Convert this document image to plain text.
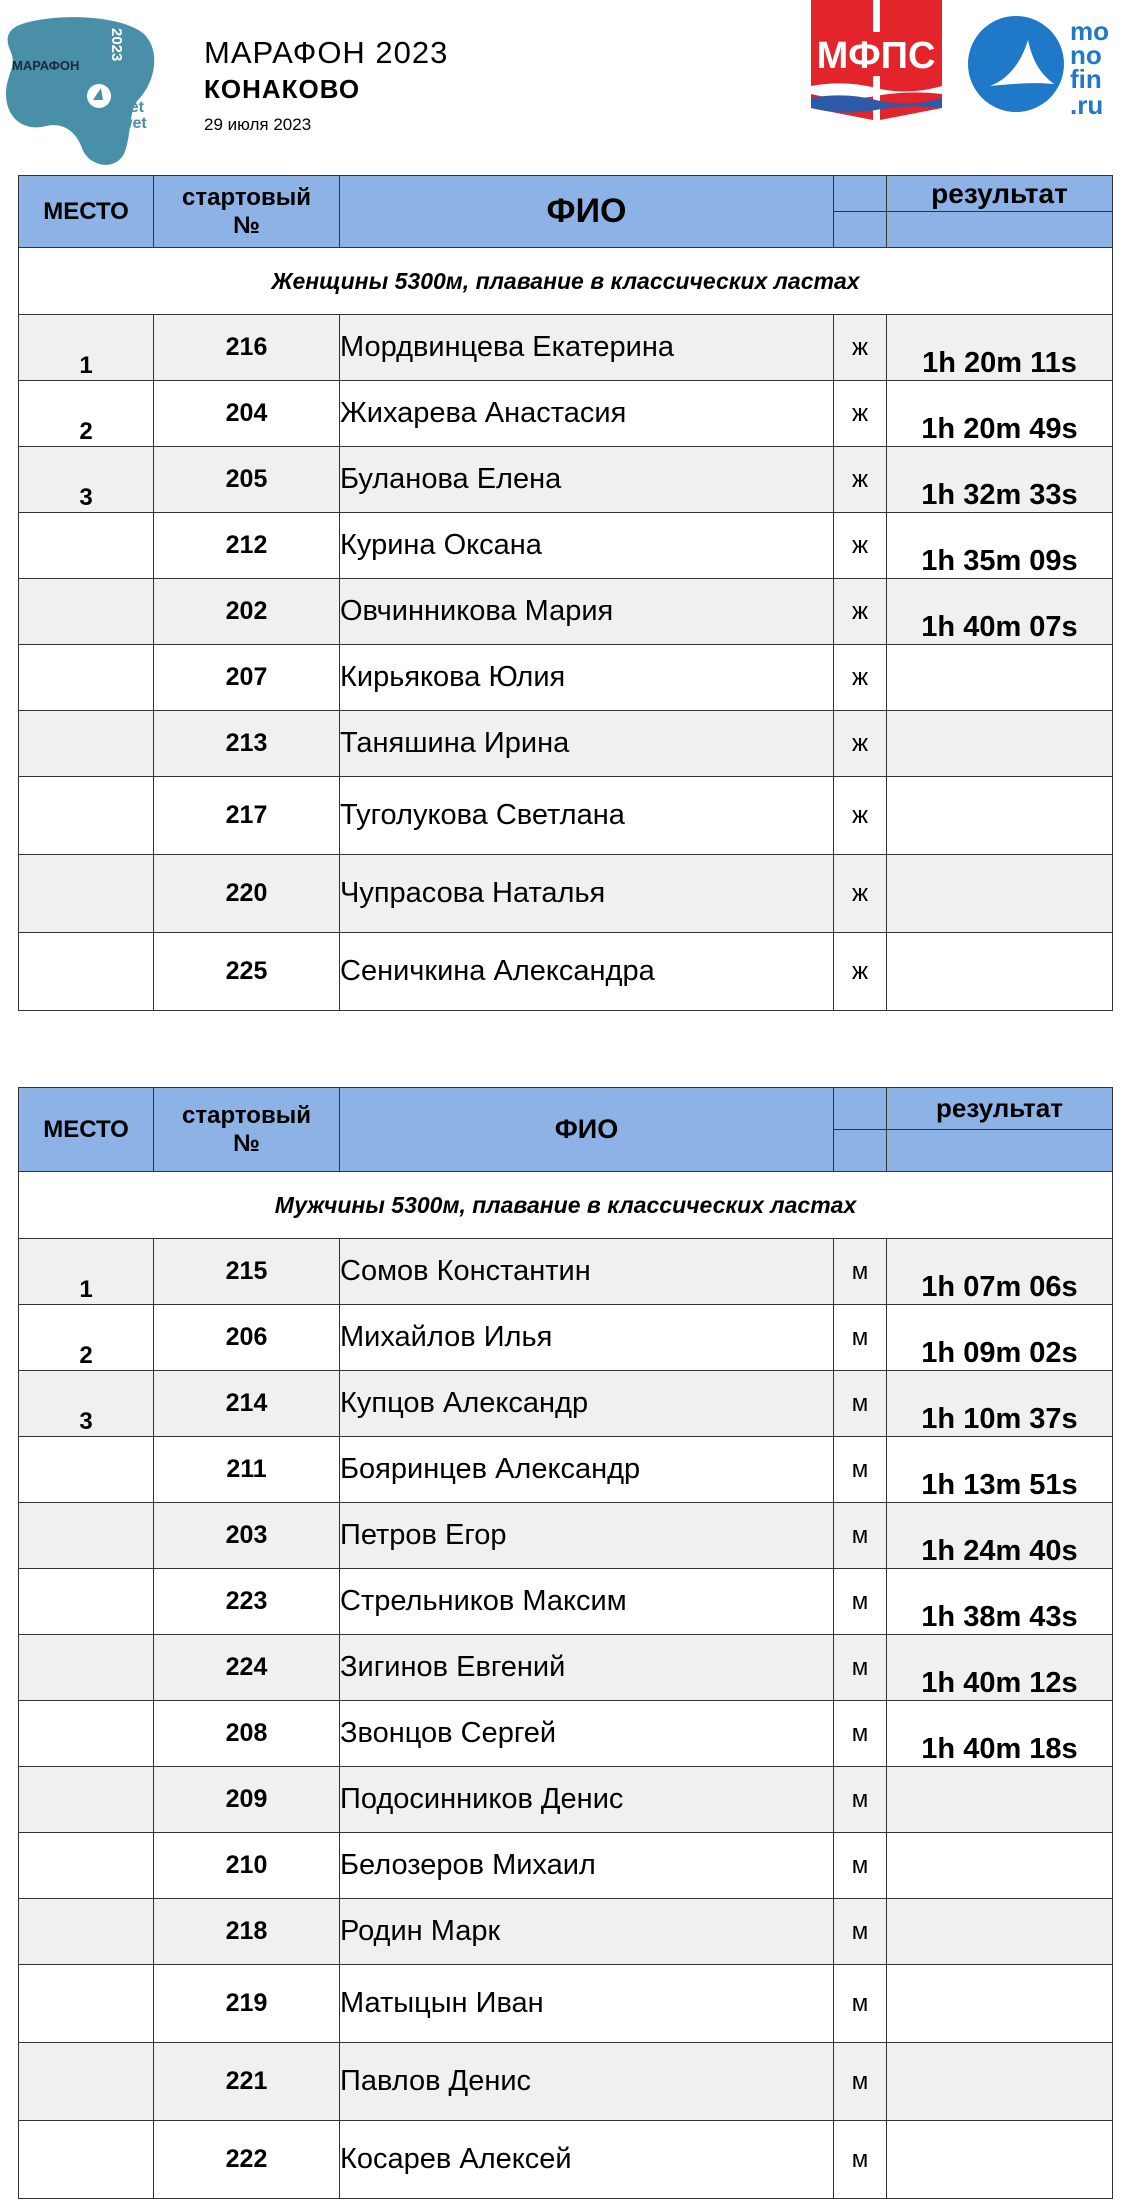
МАРАФОН
2023
get
wet
МАРАФОН 2023
КОНАКОВО
29 июля 2023
МФПС
mo
no
fin
.ru
МЕСТО	стартовый
№	ФИО		результат

Женщины 5300м, плавание в классических ластах				
1	216	Мордвинцева Екатерина	ж	1h 20m 11s
2	204	Жихарева Анастасия	ж	1h 20m 49s
3	205	Буланова Елена	ж	1h 32m 33s
	212	Курина Оксана	ж	1h 35m 09s
	202	Овчинникова Мария	ж	1h 40m 07s
	207	Кирьякова Юлия	ж	
	213	Таняшина Ирина	ж	
	217	Туголукова Светлана	ж	
	220	Чупрасова Наталья	ж	
	225	Сеничкина Александра	ж	
МЕСТО	стартовый
№	ФИО		результат

Мужчины 5300м, плавание в классических ластах				
1	215	Сомов Константин	м	1h 07m 06s
2	206	Михайлов Илья	м	1h 09m 02s
3	214	Купцов Александр	м	1h 10m 37s
	211	Бояринцев Александр	м	1h 13m 51s
	203	Петров Егор	м	1h 24m 40s
	223	Стрельников Максим	м	1h 38m 43s
	224	Зигинов Евгений	м	1h 40m 12s
	208	Звонцов Сергей	м	1h 40m 18s
	209	Подосинников Денис	м	
	210	Белозеров Михаил	м	
	218	Родин Марк	м	
	219	Матыцын Иван	м	
	221	Павлов Денис	м	
	222	Косарев Алексей	м	
